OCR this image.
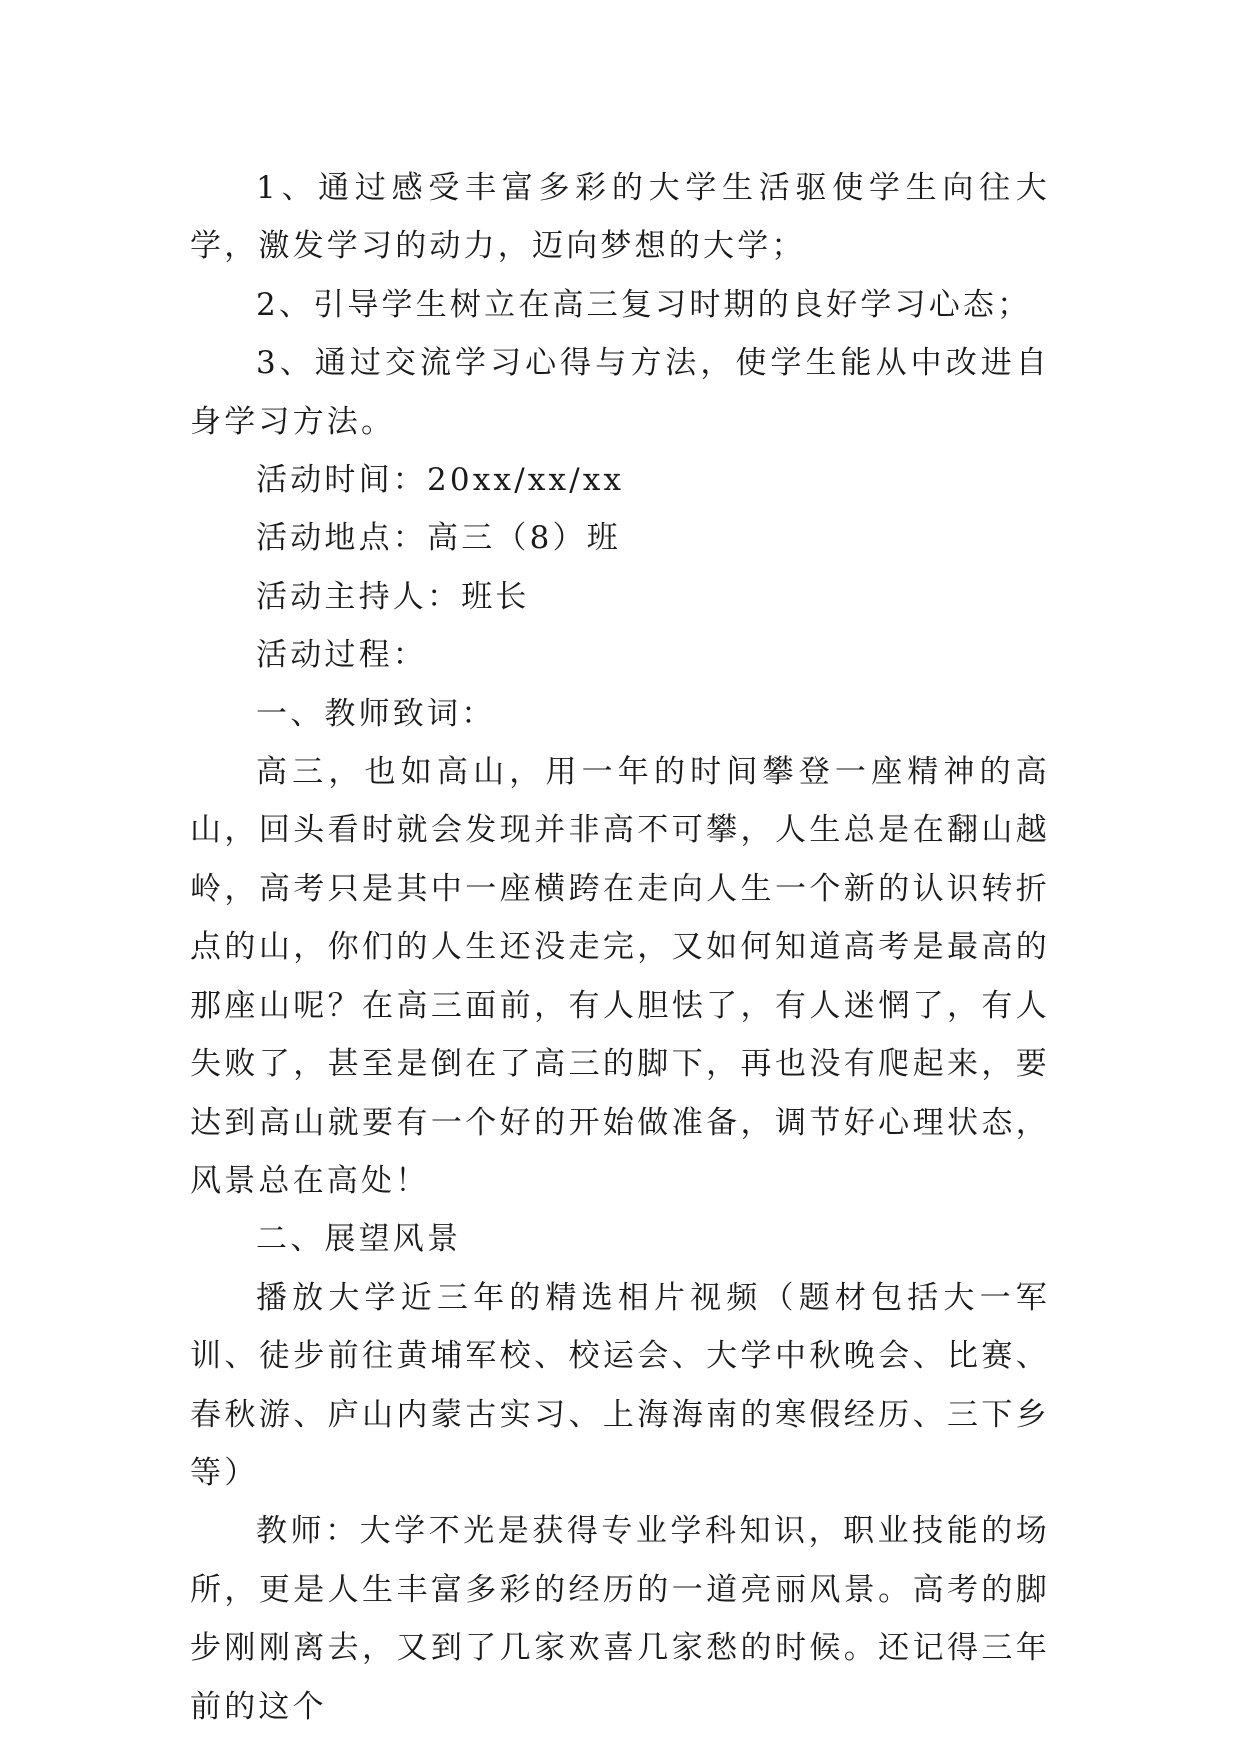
1、通过感受丰富多彩的大学生活驱使学生向往大学，激发学习的动力，迈向梦想的大学；

2、引导学生树立在高三复习时期的良好学习心态；

3、通过交流学习心得与方法，使学生能从中改进自身学习方法。

活动时间：20xx/xx/xx

活动地点：高三（8）班

活动主持人：班长

活动过程：

一、教师致词：

高三，也如高山，用一年的时间攀登一座精神的高山，回头看时就会发现并非高不可攀，人生总是在翻山越岭，高考只是其中一座横跨在走向人生一个新的认识转折点的山，你们的人生还没走完，又如何知道高考是最高的那座山呢？在高三面前，有人胆怯了，有人迷惘了，有人失败了，甚至是倒在了高三的脚下，再也没有爬起来，要达到高山就要有一个好的开始做准备，调节好心理状态，风景总在高处！

二、展望风景

播放大学近三年的精选相片视频（题材包括大一军训、徒步前往黄埔军校、校运会、大学中秋晚会、比赛、春秋游、庐山内蒙古实习、上海海南的寒假经历、三下乡等）

教师：大学不光是获得专业学科知识，职业技能的场所，更是人生丰富多彩的经历的一道亮丽风景。高考的脚步刚刚离去，又到了几家欢喜几家愁的时候。还记得三年前的这个
